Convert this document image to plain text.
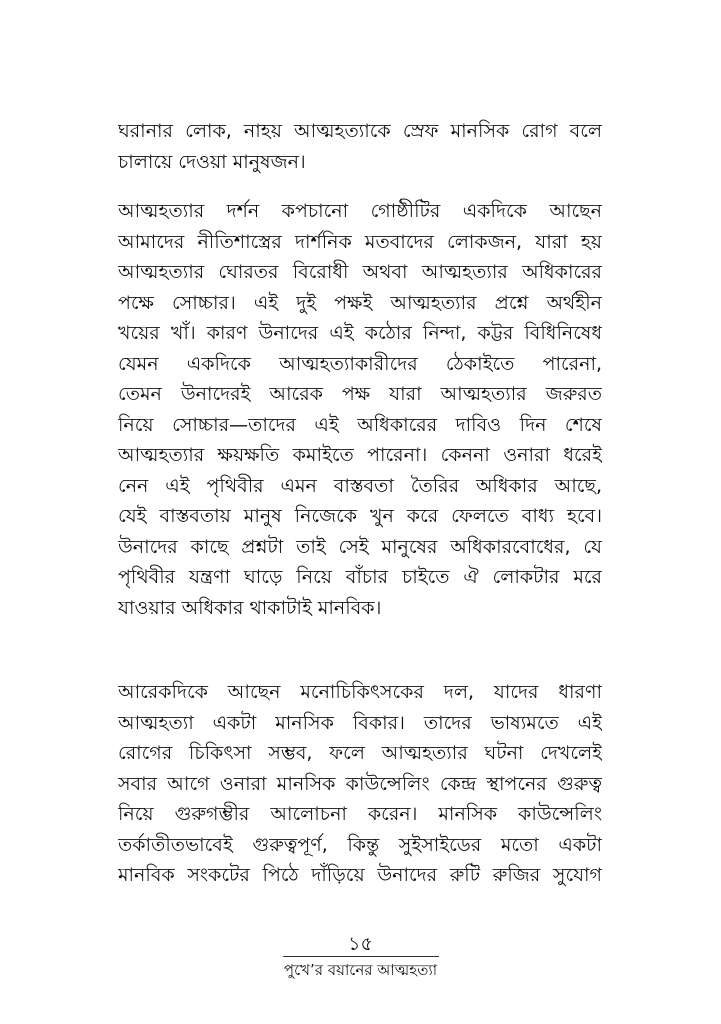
ঘরানার লোক, নাহয় আত্মহত্যাকে স্রেফ মানসিক রোগ বলে
চালায়ে দেওয়া মানুষজন।
আত্মহত্যার দর্শন কপচানো গোষ্ঠীটির একদিকে আছেন
আমাদের নীতিশাস্ত্রের দার্শনিক মতবাদের লোকজন, যারা হয়
আত্মহত্যার ঘোরতর বিরোধী অথবা আত্মহত্যার অধিকারের
পক্ষে সোচ্চার। এই দুই পক্ষই আত্মহত্যার প্রশ্নে অর্থহীন
খয়ের খাঁ। কারণ উনাদের এই কঠোর নিন্দা, কট্টর বিধিনিষেধ
যেমন একদিকে আত্মহত্যাকারীদের ঠেকাইতে পারেনা,
তেমন উনাদেরই আরেক পক্ষ যারা আত্মহত্যার জরুরত
নিয়ে সোচ্চার—তাদের এই অধিকারের দাবিও দিন শেষে
আত্মহত্যার ক্ষয়ক্ষতি কমাইতে পারেনা। কেননা ওনারা ধরেই
নেন এই পৃথিবীর এমন বাস্তবতা তৈরির অধিকার আছে,
যেই বাস্তবতায় মানুষ নিজেকে খুন করে ফেলতে বাধ্য হবে।
উনাদের কাছে প্রশ্নটা তাই সেই মানুষের অধিকারবোধের, যে
পৃথিবীর যন্ত্রণা ঘাড়ে নিয়ে বাঁচার চাইতে ঐ লোকটার মরে
যাওয়ার অধিকার থাকাটাই মানবিক।
আরেকদিকে আছেন মনোচিকিৎসকের দল, যাদের ধারণা
আত্মহত্যা একটা মানসিক বিকার। তাদের ভাষ্যমতে এই
রোগের চিকিৎসা সম্ভব, ফলে আত্মহত্যার ঘটনা দেখলেই
সবার আগে ওনারা মানসিক কাউন্সেলিং কেন্দ্র স্থাপনের গুরুত্ব
নিয়ে গুরুগম্ভীর আলোচনা করেন। মানসিক কাউন্সেলিং
তর্কাতীতভাবেই গুরুত্বপূর্ণ, কিন্তু সুইসাইডের মতো একটা
মানবিক সংকটের পিঠে দাঁড়িয়ে উনাদের রুটি রুজির সুযোগ
১৫
পুখে’র বয়ানের আত্মহত্যা
